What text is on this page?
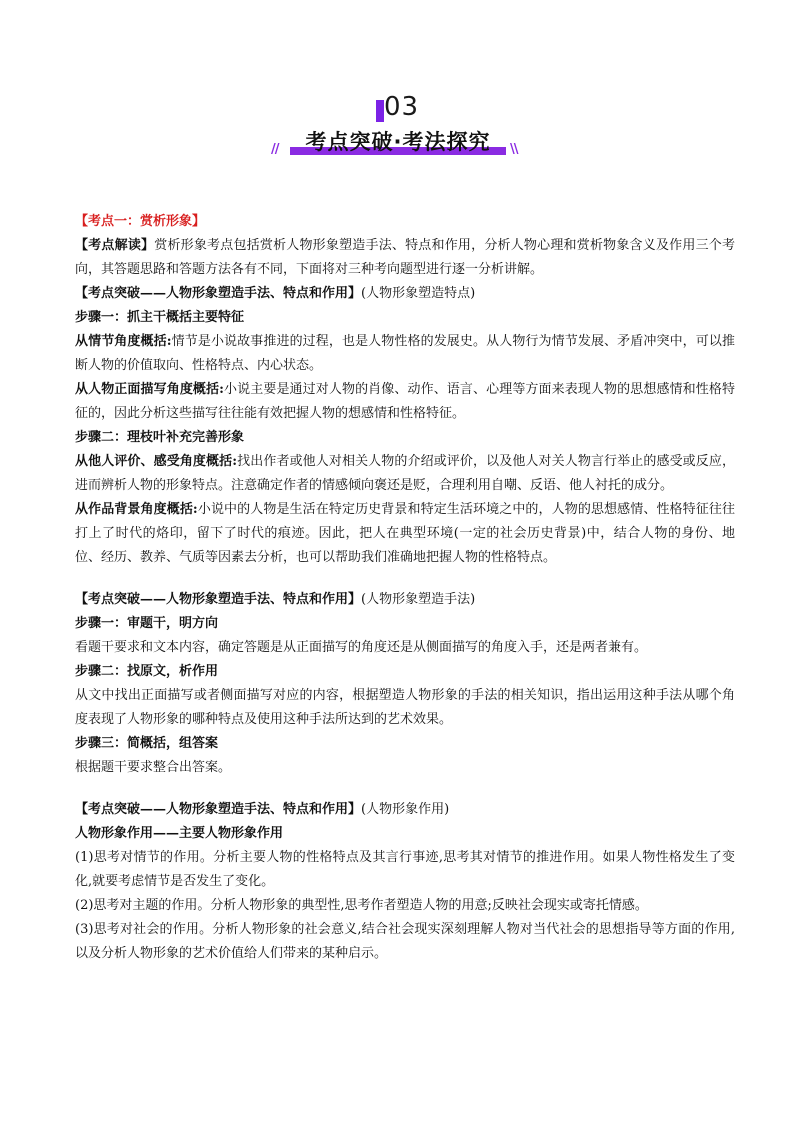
03
//	考点突破·考法探究	\\

【考点一：赏析形象】

【考点解读】赏析形象考点包括赏析人物形象塑造手法、特点和作用，分析人物心理和赏析物象含义及作用三个考向，其答题思路和答题方法各有不同，下面将对三种考向题型进行逐一分析讲解。

【考点突破——人物形象塑造手法、特点和作用】(人物形象塑造特点)

步骤一：抓主干概括主要特征

从情节角度概括:情节是小说故事推进的过程，也是人物性格的发展史。从人物行为情节发展、矛盾冲突中，可以推断人物的价值取向、性格特点、内心状态。

从人物正面描写角度概括:小说主要是通过对人物的肖像、动作、语言、心理等方面来表现人物的思想感情和性格特征的，因此分析这些描写往往能有效把握人物的想感情和性格特征。

步骤二：理枝叶补充完善形象

从他人评价、感受角度概括:找出作者或他人对相关人物的介绍或评价，以及他人对关人物言行举止的感受或反应，进而辨析人物的形象特点。注意确定作者的情感倾向褒还是贬，合理利用自嘲、反语、他人衬托的成分。

从作品背景角度概括:小说中的人物是生活在特定历史背景和特定生活环境之中的，人物的思想感情、性格特征往往打上了时代的烙印，留下了时代的痕迹。因此，把人在典型环境(一定的社会历史背景)中，结合人物的身份、地位、经历、教养、气质等因素去分析，也可以帮助我们准确地把握人物的性格特点。

【考点突破——人物形象塑造手法、特点和作用】(人物形象塑造手法)

步骤一：审题干，明方向

看题干要求和文本内容，确定答题是从正面描写的角度还是从侧面描写的角度入手，还是两者兼有。

步骤二：找原文，析作用

从文中找出正面描写或者侧面描写对应的内容，根据塑造人物形象的手法的相关知识，指出运用这种手法从哪个角度表现了人物形象的哪种特点及使用这种手法所达到的艺术效果。

步骤三：简概括，组答案

根据题干要求整合出答案。

【考点突破——人物形象塑造手法、特点和作用】(人物形象作用)

人物形象作用——主要人物形象作用

(1)思考对情节的作用。分析主要人物的性格特点及其言行事迹,思考其对情节的推进作用。如果人物性格发生了变化,就要考虑情节是否发生了变化。

(2)思考对主题的作用。分析人物形象的典型性,思考作者塑造人物的用意;反映社会现实或寄托情感。

(3)思考对社会的作用。分析人物形象的社会意义,结合社会现实深刻理解人物对当代社会的思想指导等方面的作用,以及分析人物形象的艺术价值给人们带来的某种启示。
